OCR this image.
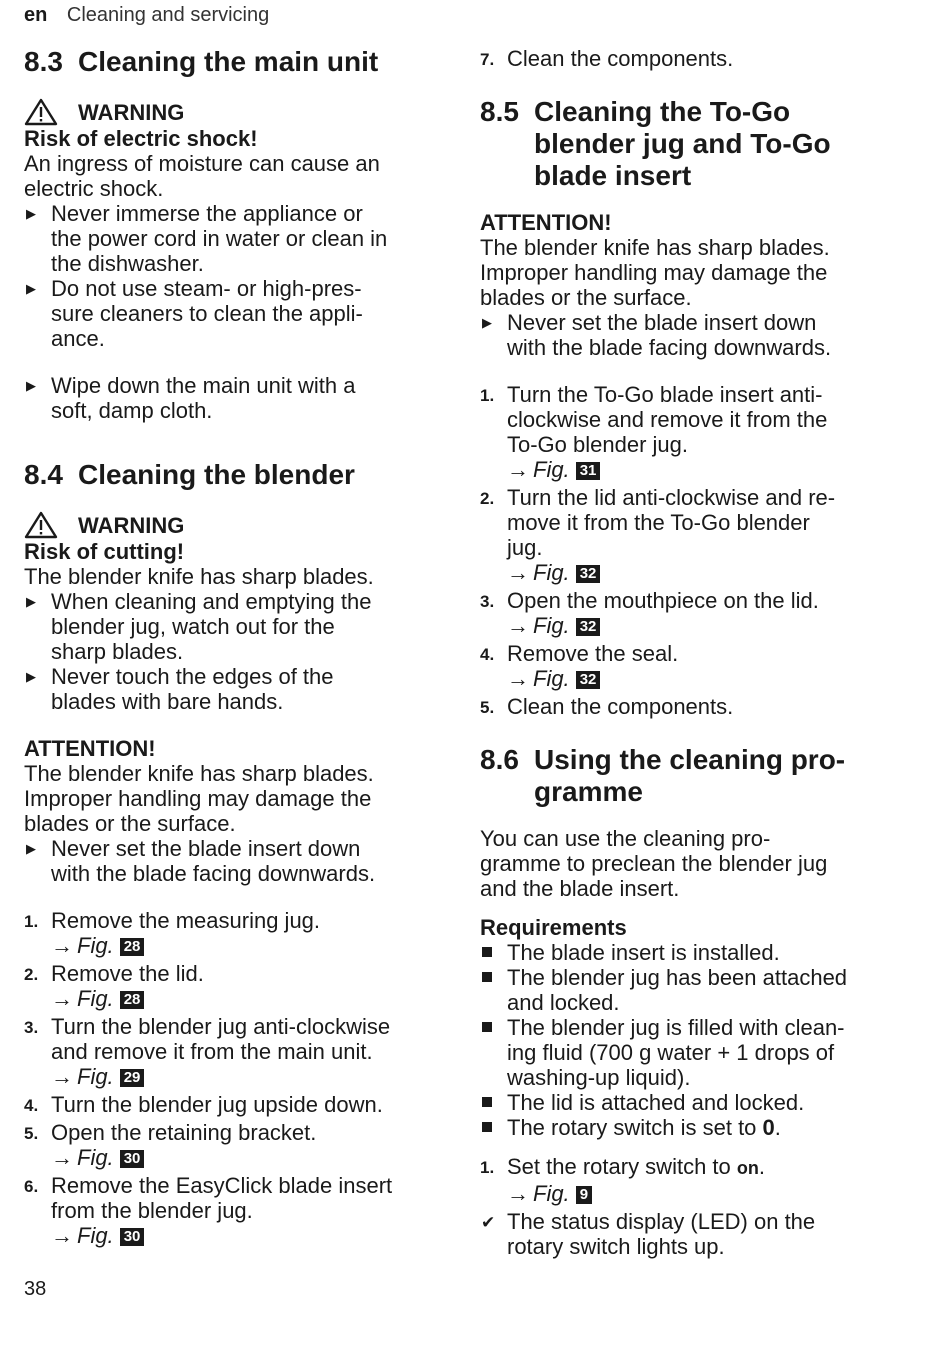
en Cleaning and servicing
8.3 Cleaning the main unit
WARNING
Risk of electric shock!
An ingress of moisture can cause an
electric shock.
▶ Never immerse the appliance or
the power cord in water or clean in
the dishwasher.
▶ Do not use steam- or high-pres-
sure cleaners to clean the appli-
ance.
▶ Wipe down the main unit with a
soft, damp cloth.
8.4 Cleaning the blender
WARNING
Risk of cutting!
The blender knife has sharp blades.
▶ When cleaning and emptying the
blender jug, watch out for the
sharp blades.
▶ Never touch the edges of the
blades with bare hands.
ATTENTION!
The blender knife has sharp blades.
Improper handling may damage the
blades or the surface.
▶ Never set the blade insert down
with the blade facing downwards.
1. Remove the measuring jug.
→ Fig. 28
2. Remove the lid.
→ Fig. 28
3. Turn the blender jug anti-clockwise
and remove it from the main unit.
→ Fig. 29
4. Turn the blender jug upside down.
5. Open the retaining bracket.
→ Fig. 30
6. Remove the EasyClick blade insert
from the blender jug.
→ Fig. 30
7. Clean the components.
8.5 Cleaning the To-Go
blender jug and To-Go
blade insert
ATTENTION!
The blender knife has sharp blades.
Improper handling may damage the
blades or the surface.
▶ Never set the blade insert down
with the blade facing downwards.
1. Turn the To-Go blade insert anti-
clockwise and remove it from the
To-Go blender jug.
→ Fig. 31
2. Turn the lid anti-clockwise and re-
move it from the To-Go blender
jug.
→ Fig. 32
3. Open the mouthpiece on the lid.
→ Fig. 32
4. Remove the seal.
→ Fig. 32
5. Clean the components.
8.6 Using the cleaning pro-
gramme
You can use the cleaning pro-
gramme to preclean the blender jug
and the blade insert.
Requirements
The blade insert is installed.
The blender jug has been attached
and locked.
The blender jug is filled with clean-
ing fluid (700 g water + 1 drops of
washing-up liquid).
The lid is attached and locked.
The rotary switch is set to 0.
1. Set the rotary switch to on.
→ Fig. 9
✔ The status display (LED) on the
rotary switch lights up.
38
